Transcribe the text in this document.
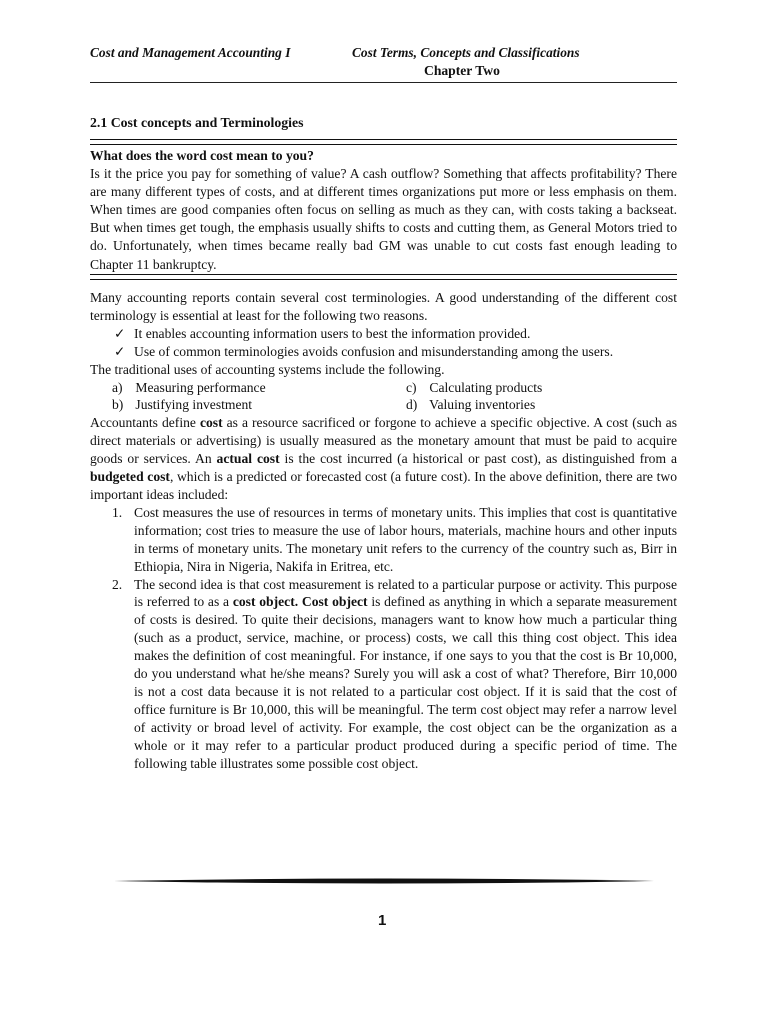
Cost and Management Accounting I	Cost Terms, Concepts and Classifications
Chapter Two
2.1 Cost concepts and Terminologies
What does the word cost mean to you?
Is it the price you pay for something of value? A cash outflow? Something that affects profitability? There are many different types of costs, and at different times organizations put more or less emphasis on them. When times are good companies often focus on selling as much as they can, with costs taking a backseat. But when times get tough, the emphasis usually shifts to costs and cutting them, as General Motors tried to do. Unfortunately, when times became really bad GM was unable to cut costs fast enough leading to Chapter 11 bankruptcy.

Many accounting reports contain several cost terminologies. A good understanding of the different cost terminology is essential at least for the following two reasons.

✓ It enables accounting information users to best the information provided.
✓ Use of common terminologies avoids confusion and misunderstanding among the users.

The traditional uses of accounting systems include the following.

a) Measuring performance	c) Calculating products
b) Justifying investment	d) Valuing inventories

Accountants define cost as a resource sacrificed or forgone to achieve a specific objective. A cost (such as direct materials or advertising) is usually measured as the monetary amount that must be paid to acquire goods or services. An actual cost is the cost incurred (a historical or past cost), as distinguished from a budgeted cost, which is a predicted or forecasted cost (a future cost). In the above definition, there are two important ideas included:

1. Cost measures the use of resources in terms of monetary units. This implies that cost is quantitative information; cost tries to measure the use of labor hours, materials, machine hours and other inputs in terms of monetary units. The monetary unit refers to the currency of the country such as, Birr in Ethiopia, Nira in Nigeria, Nakifa in Eritrea, etc.
2. The second idea is that cost measurement is related to a particular purpose or activity. This purpose is referred to as a cost object. Cost object is defined as anything in which a separate measurement of costs is desired. To quite their decisions, managers want to know how much a particular thing (such as a product, service, machine, or process) costs, we call this thing cost object. This idea makes the definition of cost meaningful. For instance, if one says to you that the cost is Br 10,000, do you understand what he/she means? Surely you will ask a cost of what? Therefore, Birr 10,000 is not a cost data because it is not related to a particular cost object. If it is said that the cost of office furniture is Br 10,000, this will be meaningful. The term cost object may refer a narrow level of activity or broad level of activity. For example, the cost object can be the organization as a whole or it may refer to a particular product produced during a specific period of time. The following table illustrates some possible cost object.
1
